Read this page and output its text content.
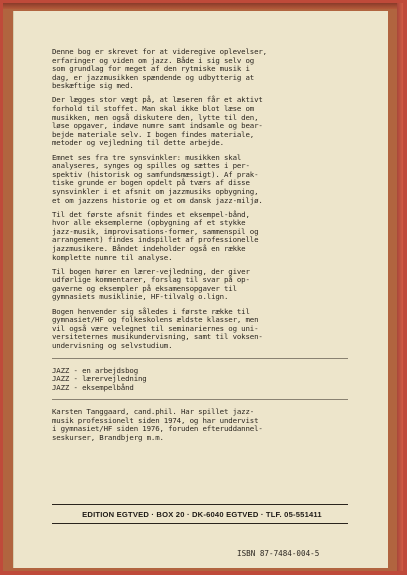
Denne bog er skrevet for at videregive oplevelser,
erfaringer og viden om jazz. Både i sig selv og
som grundlag for meget af den rytmiske musik i
dag, er jazzmusikken spændende og udbytterig at
beskæftige sig med.
Der lægges stor vægt på, at læseren får et aktivt
forhold til stoffet. Man skal ikke blot læse om
musikken, men også diskutere den, lytte til den,
løse opgaver, indøve numre samt indsamle og bear-
bejde materiale selv. I bogen findes materiale,
metoder og vejledning til dette arbejde.
Emnet ses fra tre synsvinkler: musikken skal
analyseres, synges og spilles og sættes i per-
spektiv (historisk og samfundsmæssigt). Af prak-
tiske grunde er bogen opdelt på tværs af disse
synsvinkler i et afsnit om jazzmusiks opbygning,
et om jazzens historie og et om dansk jazz-miljø.
Til det første afsnit findes et eksempel-bånd,
hvor alle eksemplerne (opbygning af et stykke
jazz-musik, improvisations-former, sammenspil og
arrangement) findes indspillet af professionelle
jazzmusikere. Båndet indeholder også en række
komplette numre til analyse.
Til bogen hører en lærer-vejledning, der giver
udførlige kommentarer, forslag til svar på op-
gaverne og eksempler på eksamensopgaver til
gymnasiets musiklinie, HF-tilvalg o.lign.
Bogen henvender sig således i første række til
gymnasiet/HF og folkeskolens ældste klasser, men
vil også være velegnet til seminariernes og uni-
versiteternes musikundervisning, samt til voksen-
undervisning og selvstudium.
JAZZ - en arbejdsbog
JAZZ - lærervejledning
JAZZ - eksempelbånd
Karsten Tanggaard, cand.phil. Har spillet jazz-
musik professionelt siden 1974, og har undervist
i gymnasiet/HF siden 1976, foruden efteruddannel-
seskurser, Brandbjerg m.m.
EDITION EGTVED · BOX 20 · DK-6040 EGTVED · TLF. 05-551411
ISBN 87-7484-004-5
